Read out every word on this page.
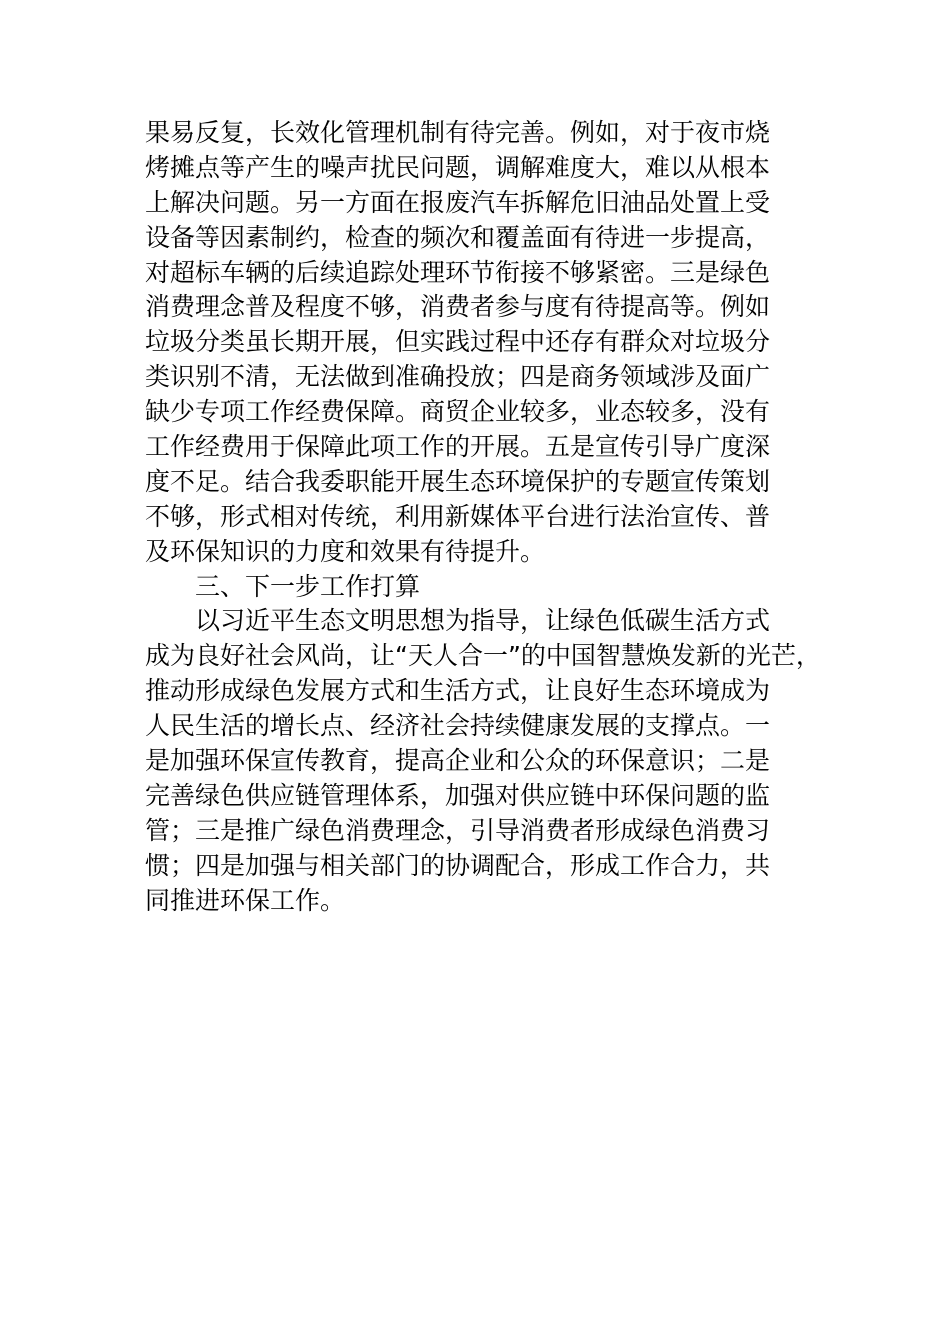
果易反复，长效化管理机制有待完善。例如，对于夜市烧
烤摊点等产生的噪声扰民问题，调解难度大，难以从根本
上解决问题。另一方面在报废汽车拆解危旧油品处置上受
设备等因素制约，检查的频次和覆盖面有待进一步提高，
对超标车辆的后续追踪处理环节衔接不够紧密。三是绿色
消费理念普及程度不够，消费者参与度有待提高等。例如
垃圾分类虽长期开展，但实践过程中还存有群众对垃圾分
类识别不清，无法做到准确投放；四是商务领域涉及面广
缺少专项工作经费保障。商贸企业较多，业态较多，没有
工作经费用于保障此项工作的开展。五是宣传引导广度深
度不足。结合我委职能开展生态环境保护的专题宣传策划
不够，形式相对传统，利用新媒体平台进行法治宣传、普
及环保知识的力度和效果有待提升。
三、下一步工作打算
以习近平生态文明思想为指导，让绿色低碳生活方式
成为良好社会风尚，让“天人合一”的中国智慧焕发新的光芒，
推动形成绿色发展方式和生活方式，让良好生态环境成为
人民生活的增长点、经济社会持续健康发展的支撑点。一
是加强环保宣传教育，提高企业和公众的环保意识；二是
完善绿色供应链管理体系，加强对供应链中环保问题的监
管；三是推广绿色消费理念，引导消费者形成绿色消费习
惯；四是加强与相关部门的协调配合，形成工作合力，共
同推进环保工作。
